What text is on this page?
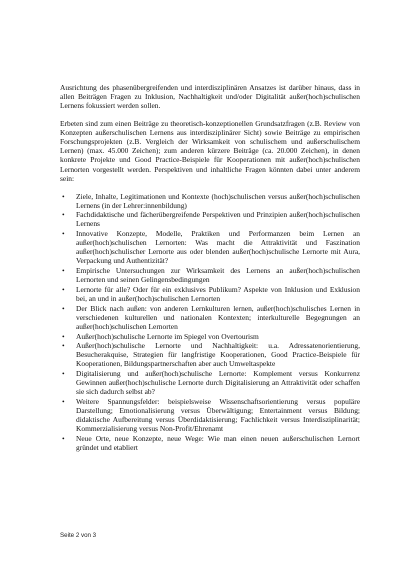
Ausrichtung des phasenübergreifenden und interdisziplinären Ansatzes ist darüber hinaus, dass in allen Beiträgen Fragen zu Inklusion, Nachhaltigkeit und/oder Digitalität außer(hoch)schulischen Lernens fokussiert werden sollen.

Erbeten sind zum einen Beiträge zu theoretisch-konzeptionellen Grundsatzfragen (z.B. Review von Konzepten außerschulischen Lernens aus interdisziplinärer Sicht) sowie Beiträge zu empirischen Forschungsprojekten (z.B. Vergleich der Wirksamkeit von schulischem und außerschulischem Lernen) (max. 45.000 Zeichen); zum anderen kürzere Beiträge (ca. 20.000 Zeichen), in denen konkrete Projekte und Good Practice-Beispiele für Kooperationen mit außer(hoch)schulischen Lernorten vorgestellt werden. Perspektiven und inhaltliche Fragen könnten dabei unter anderem sein:

• Ziele, Inhalte, Legitimationen und Kontexte (hoch)schulischen versus außer(hoch)schulischen Lernens (in der Lehrer:innenbildung)
• Fachdidaktische und fächerübergreifende Perspektiven und Prinzipien außer(hoch)schulischen Lernens
• Innovative Konzepte, Modelle, Praktiken und Performanzen beim Lernen an außer(hoch)schulischen Lernorten: Was macht die Attraktivität und Faszination außer(hoch)schulischer Lernorte aus oder blenden außer(hoch)schulische Lernorte mit Aura, Verpackung und Authentizität?
• Empirische Untersuchungen zur Wirksamkeit des Lernens an außer(hoch)schulischen Lernorten und seinen Gelingensbedingungen
• Lernorte für alle? Oder für ein exklusives Publikum? Aspekte von Inklusion und Exklusion bei, an und in außer(hoch)schulischen Lernorten
• Der Blick nach außen: von anderen Lernkulturen lernen, außer(hoch)schulisches Lernen in verschiedenen kulturellen und nationalen Kontexten; interkulturelle Begegnungen an außer(hoch)schulischen Lernorten
• Außer(hoch)schulische Lernorte im Spiegel von Overtourism
• Außer(hoch)schulische Lernorte und Nachhaltigkeit: u.a. Adressatenorientierung, Besucherakquise, Strategien für langfristige Kooperationen, Good Practice-Beispiele für Kooperationen, Bildungspartnerschaften aber auch Umweltaspekte
• Digitalisierung und außer(hoch)schulische Lernorte: Komplement versus Konkurrenz Gewinnen außer(hoch)schulische Lernorte durch Digitalisierung an Attraktivität oder schaffen sie sich dadurch selbst ab?
• Weitere Spannungsfelder: beispielsweise Wissenschaftsorientierung versus populäre Darstellung; Emotionalisierung versus Überwältigung; Entertainment versus Bildung; didaktische Aufbereitung versus Überdidaktisierung; Fachlichkeit versus Interdisziplinarität; Kommerzialisierung versus Non-Profit/Ehrenamt
• Neue Orte, neue Konzepte, neue Wege: Wie man einen neuen außerschulischen Lernort gründet und etabliert
Seite 2 von 3
